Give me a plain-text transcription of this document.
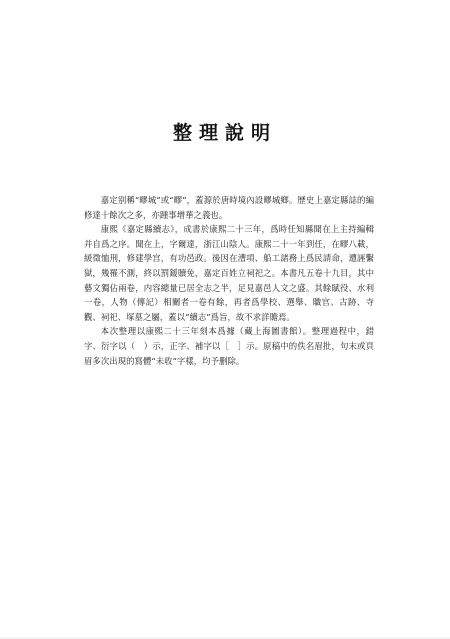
整理說明

嘉定别稱“疁城”或“疁”，蓋源於唐時境內設疁城鄉。歷史上嘉定縣誌的編修達十餘次之多，亦踵事增華之義也。

康熙《嘉定縣續志》，成書於康熙二十三年，爲時任知縣聞在上主持編輯并自爲之序。聞在上，字爾達，浙江山陰人。康熙二十一年到任，在疁八載，緩徵恤刑，修建學宫，有功邑政。後因在漕項、船工諸務上爲民請命，遭誣繫獄，幾罹不測，終以罰鍰贖免，嘉定百姓立祠祀之。本書凡五卷十九目，其中藝文獨佔兩卷，内容總量已居全志之半，足見嘉邑人文之盛。其餘賦役、水利一卷，人物（傳記）相關者一卷有餘，再者爲學校、選舉、職官、古跡、寺觀、祠祀、塚墓之屬，蓋以“續志”爲旨，故不求詳贍焉。

本次整理以康熙二十三年刻本爲據（藏上海圖書館）。整理過程中，錯字、衍字以（　）示，正字、補字以［　］示。原稿中的佚名眉批，句末或頁眉多次出現的寫體“未收”字樣，均予删除。
